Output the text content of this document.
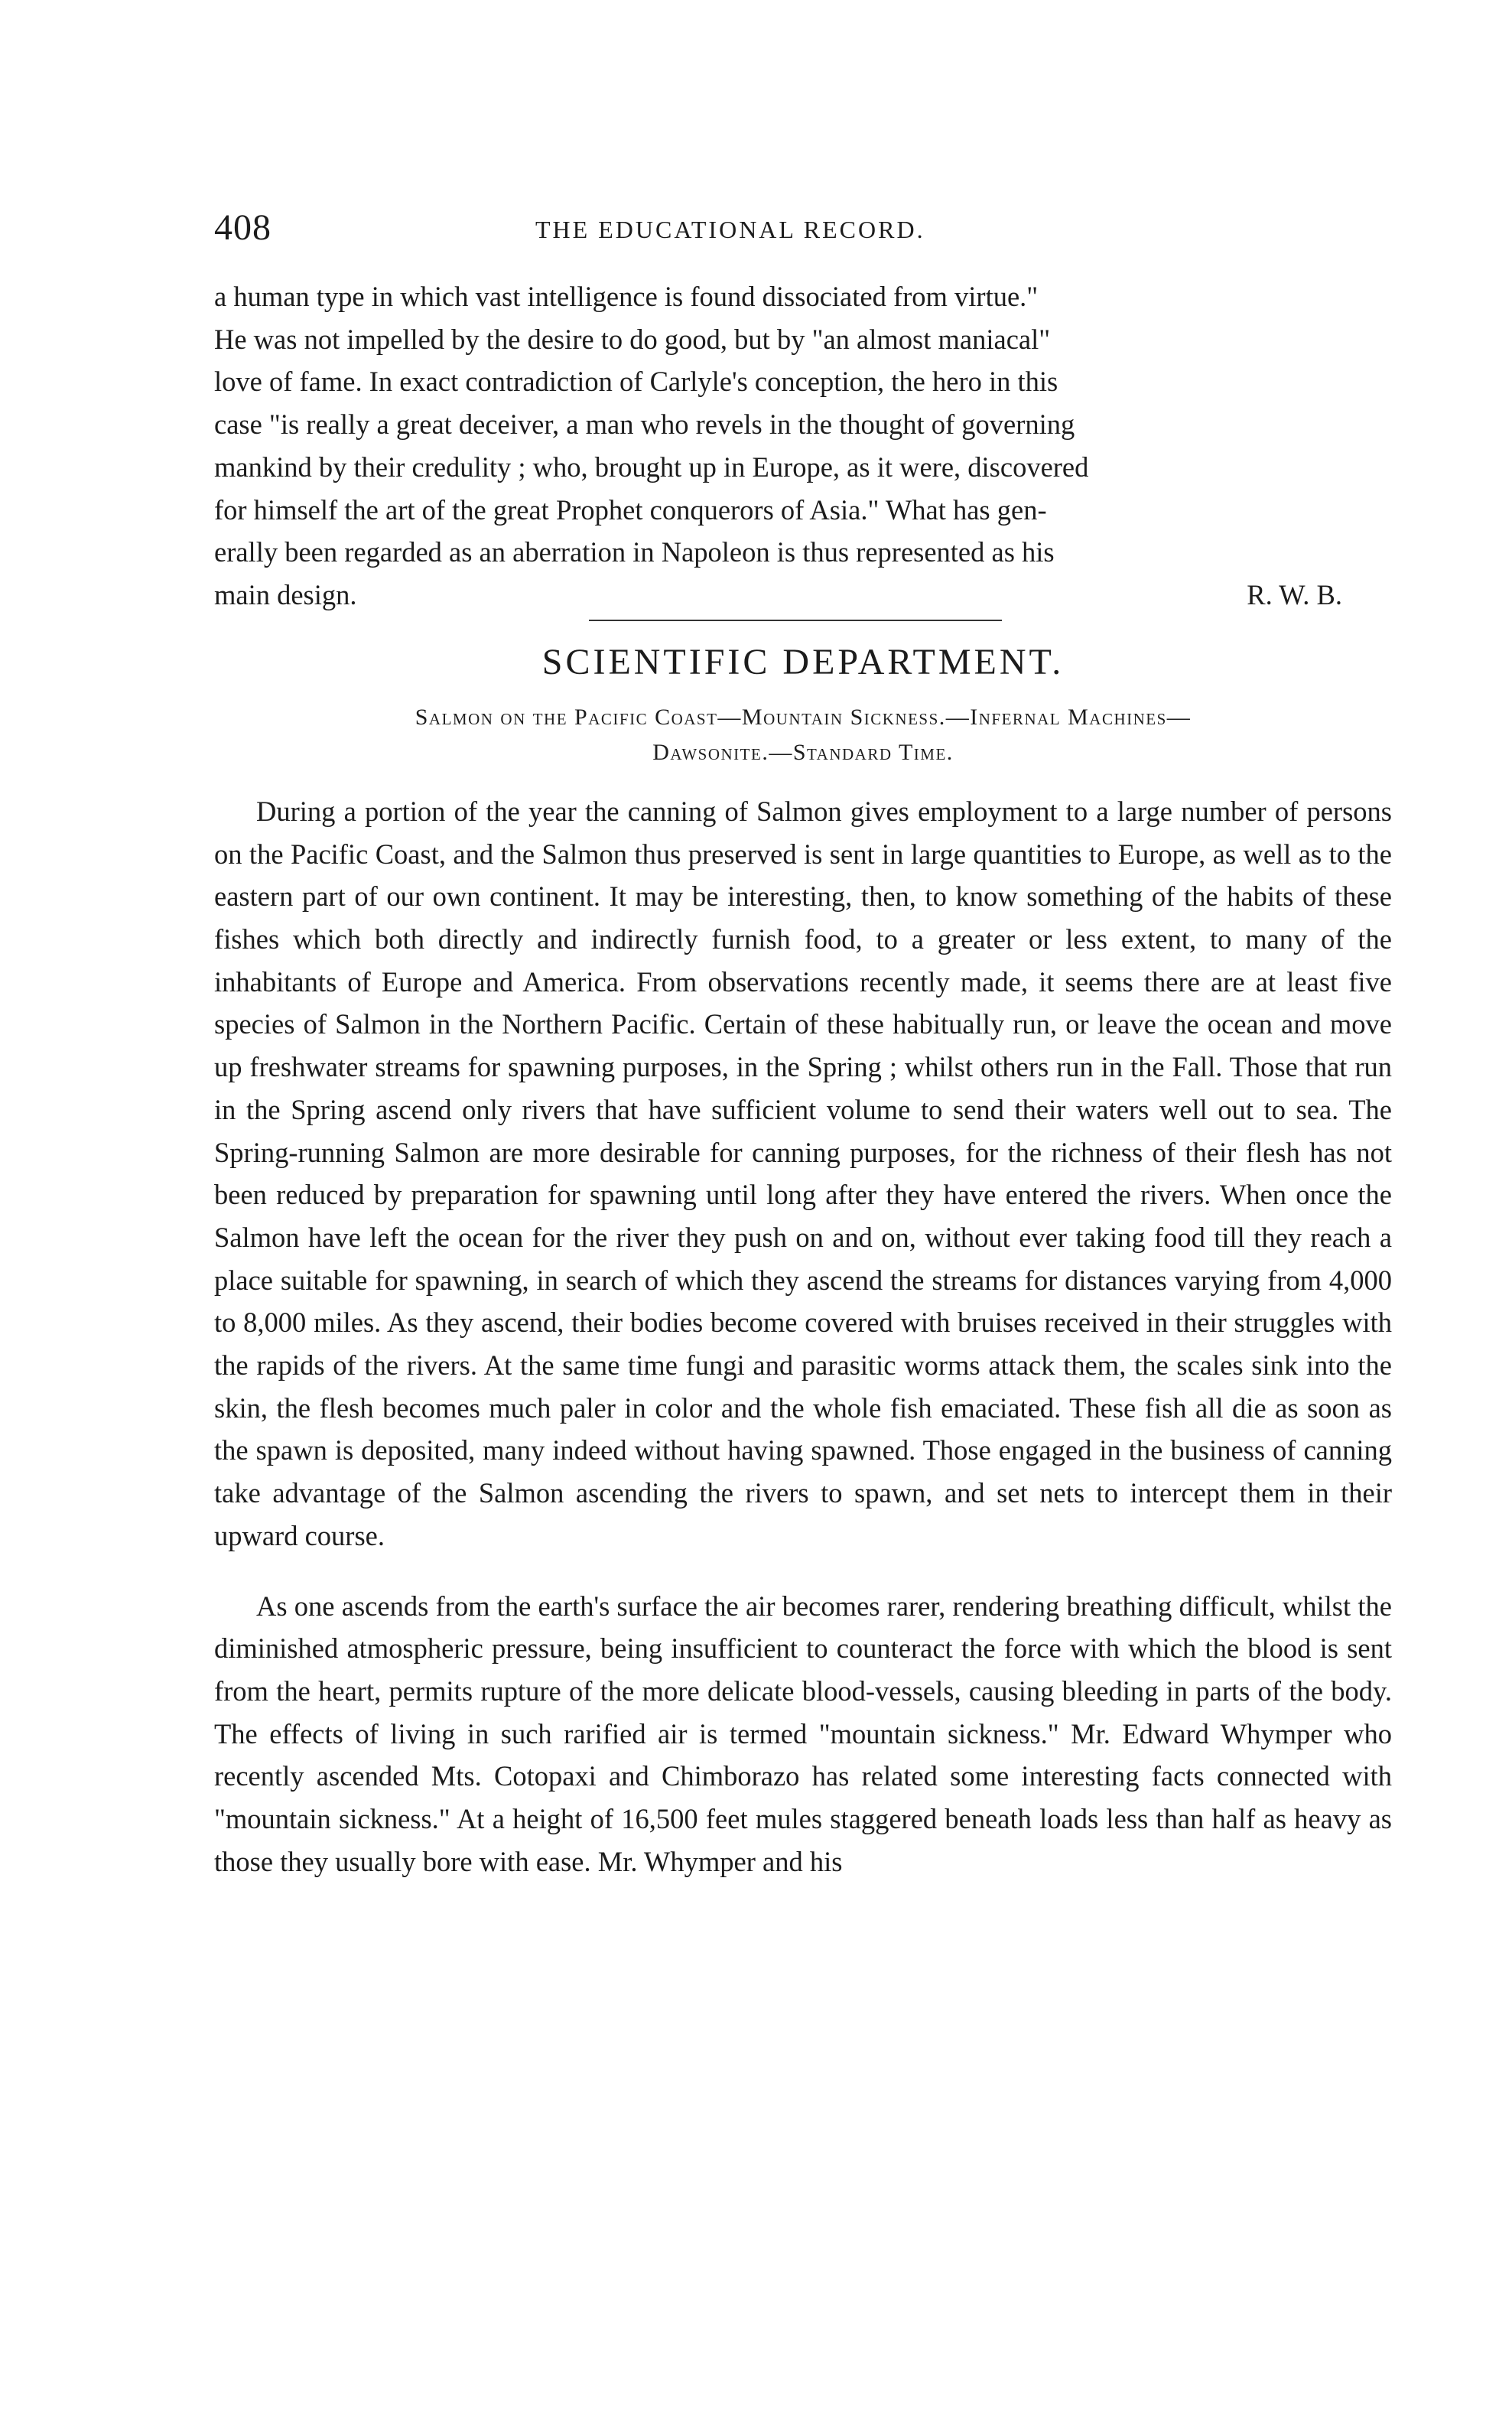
408	THE EDUCATIONAL RECORD.

a human type in which vast intelligence is found dissociated from virtue."

He was not impelled by the desire to do good, but by "an almost maniacal"

love of fame. In exact contradiction of Carlyle's conception, the hero in this

case "is really a great deceiver, a man who revels in the thought of governing

mankind by their credulity ; who, brought up in Europe, as it were, discovered

for himself the art of the great Prophet conquerors of Asia." What has gen-

erally been regarded as an aberration in Napoleon is thus represented as his

main design.	R. W. B.
SCIENTIFIC DEPARTMENT.
Salmon on the Pacific Coast—Mountain Sickness.—Infernal Machines—
Dawsonite.—Standard Time.

During a portion of the year the canning of Salmon gives employment to a large number of persons on the Pacific Coast, and the Salmon thus preserved is sent in large quantities to Europe, as well as to the eastern part of our own continent. It may be interesting, then, to know something of the habits of these fishes which both directly and indirectly furnish food, to a greater or less extent, to many of the inhabitants of Europe and America. From observations recently made, it seems there are at least five species of Salmon in the Northern Pacific. Certain of these habitually run, or leave the ocean and move up freshwater streams for spawning purposes, in the Spring ; whilst others run in the Fall. Those that run in the Spring ascend only rivers that have sufficient volume to send their waters well out to sea. The Spring-running Salmon are more desirable for canning purposes, for the richness of their flesh has not been reduced by preparation for spawning until long after they have entered the rivers. When once the Salmon have left the ocean for the river they push on and on, without ever taking food till they reach a place suitable for spawning, in search of which they ascend the streams for distances varying from 4,000 to 8,000 miles. As they ascend, their bodies become covered with bruises received in their struggles with the rapids of the rivers. At the same time fungi and parasitic worms attack them, the scales sink into the skin, the flesh becomes much paler in color and the whole fish emaciated. These fish all die as soon as the spawn is deposited, many indeed without having spawned. Those engaged in the business of canning take advantage of the Salmon ascending the rivers to spawn, and set nets to intercept them in their upward course.

As one ascends from the earth's surface the air becomes rarer, rendering breathing difficult, whilst the diminished atmospheric pressure, being insufficient to counteract the force with which the blood is sent from the heart, permits rupture of the more delicate blood-vessels, causing bleeding in parts of the body. The effects of living in such rarified air is termed "mountain sickness." Mr. Edward Whymper who recently ascended Mts. Cotopaxi and Chimborazo has related some interesting facts connected with "mountain sickness." At a height of 16,500 feet mules staggered beneath loads less than half as heavy as those they usually bore with ease. Mr. Whymper and his
